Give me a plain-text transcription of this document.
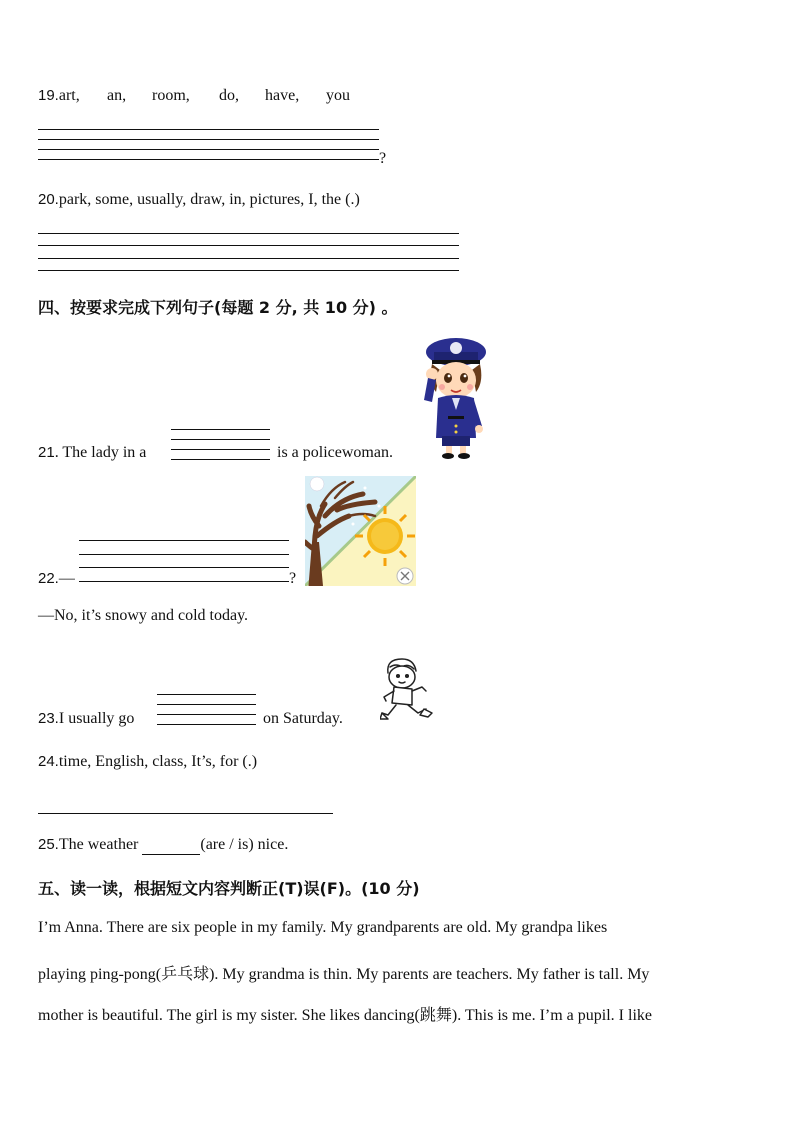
19.art, an, room, do, have, you
?
20.park, some, usually, draw, in, pictures, I, the (.)
四、按要求完成下列句子(每题 2 分, 共 10 分) 。
21. The lady in a	is a policewoman.
22.—	?
—No, it’s snowy and cold today.
23.I usually go	on Saturday.
24.time, English, class, It’s, for (.)
25.The weather	(are / is) nice.
五、读一读，根据短文内容判断正(T)误(F)。(10 分)
I’m Anna. There are six people in my family. My grandparents are old. My grandpa likes
playing ping-pong(乒乓球). My grandma is thin. My parents are teachers. My father is tall. My
mother is beautiful. The girl is my sister. She likes dancing(跳舞). This is me. I’m a pupil. I like
